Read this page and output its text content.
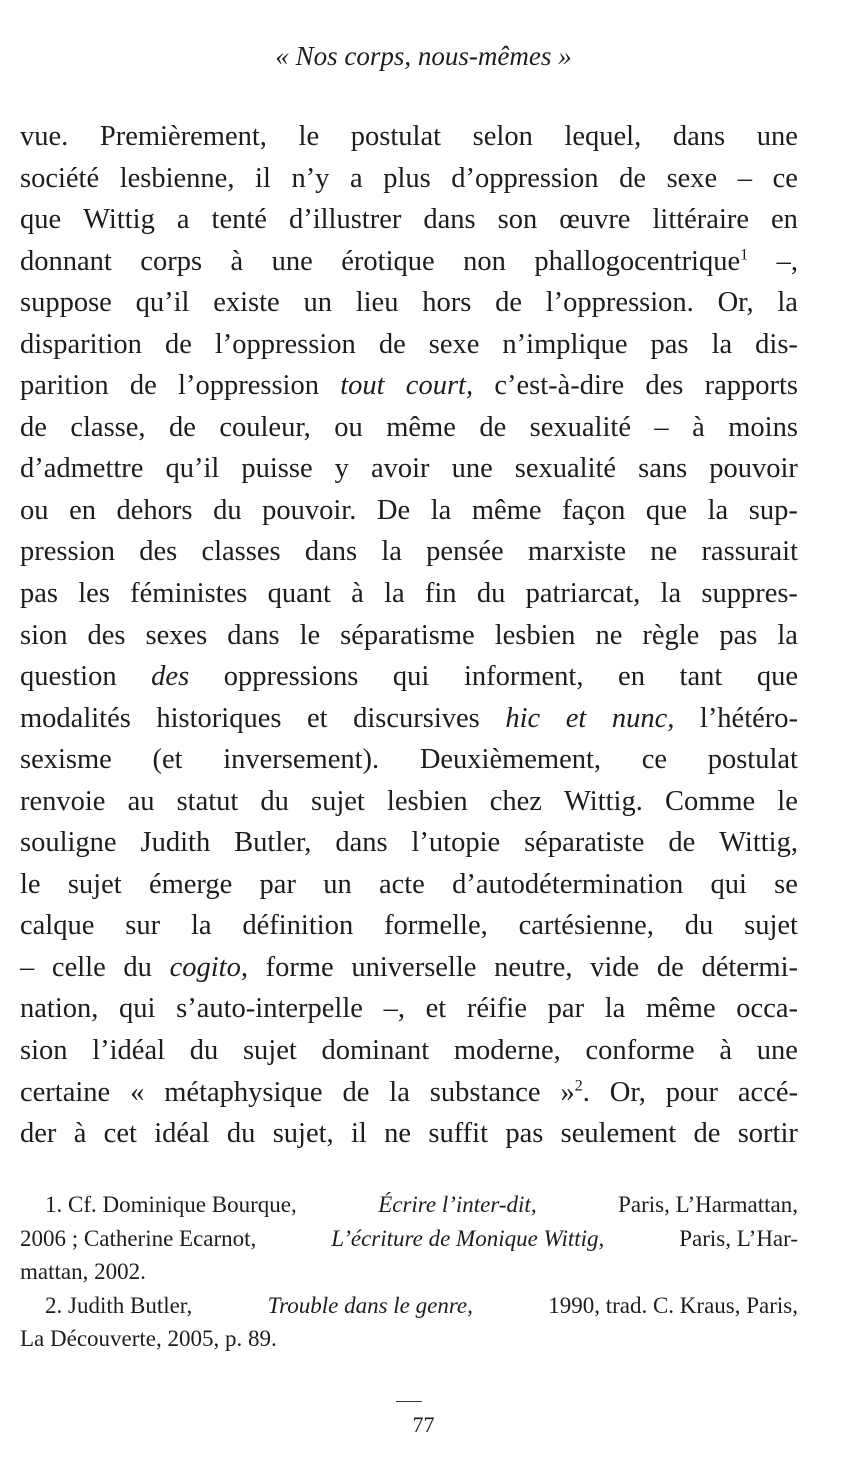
« Nos corps, nous-mêmes »
vue. Premièrement, le postulat selon lequel, dans une
société lesbienne, il n’y a plus d’oppression de sexe – ce
que Wittig a tenté d’illustrer dans son œuvre littéraire en
donnant corps à une érotique non phallogocentrique$^1$ –,
suppose qu’il existe un lieu hors de l’oppression. Or, la
disparition de l’oppression de sexe n’implique pas la dis-
parition de l’oppression tout court, c’est-à-dire des rapports
de classe, de couleur, ou même de sexualité – à moins
d’admettre qu’il puisse y avoir une sexualité sans pouvoir
ou en dehors du pouvoir. De la même façon que la sup-
pression des classes dans la pensée marxiste ne rassurait
pas les féministes quant à la fin du patriarcat, la suppres-
sion des sexes dans le séparatisme lesbien ne règle pas la
question des oppressions qui informent, en tant que
modalités historiques et discursives hic et nunc, l’hétéro-
sexisme (et inversement). Deuxièmement, ce postulat
renvoie au statut du sujet lesbien chez Wittig. Comme le
souligne Judith Butler, dans l’utopie séparatiste de Wittig,
le sujet émerge par un acte d’autodétermination qui se
calque sur la définition formelle, cartésienne, du sujet
– celle du cogito, forme universelle neutre, vide de détermi-
nation, qui s’auto-interpelle –, et réifie par la même occa-
sion l’idéal du sujet dominant moderne, conforme à une
certaine « métaphysique de la substance »$^2$. Or, pour accé-
der à cet idéal du sujet, il ne suffit pas seulement de sortir
1. Cf. Dominique Bourque,	Écrire l’inter-dit,	Paris, L’Harmattan,
2006 ; Catherine Ecarnot,	L’écriture de Monique Wittig,	Paris, L’Har-
mattan, 2002.
2. Judith Butler,	Trouble dans le genre,	1990, trad. C. Kraus, Paris,
La Découverte, 2005, p. 89.
77
